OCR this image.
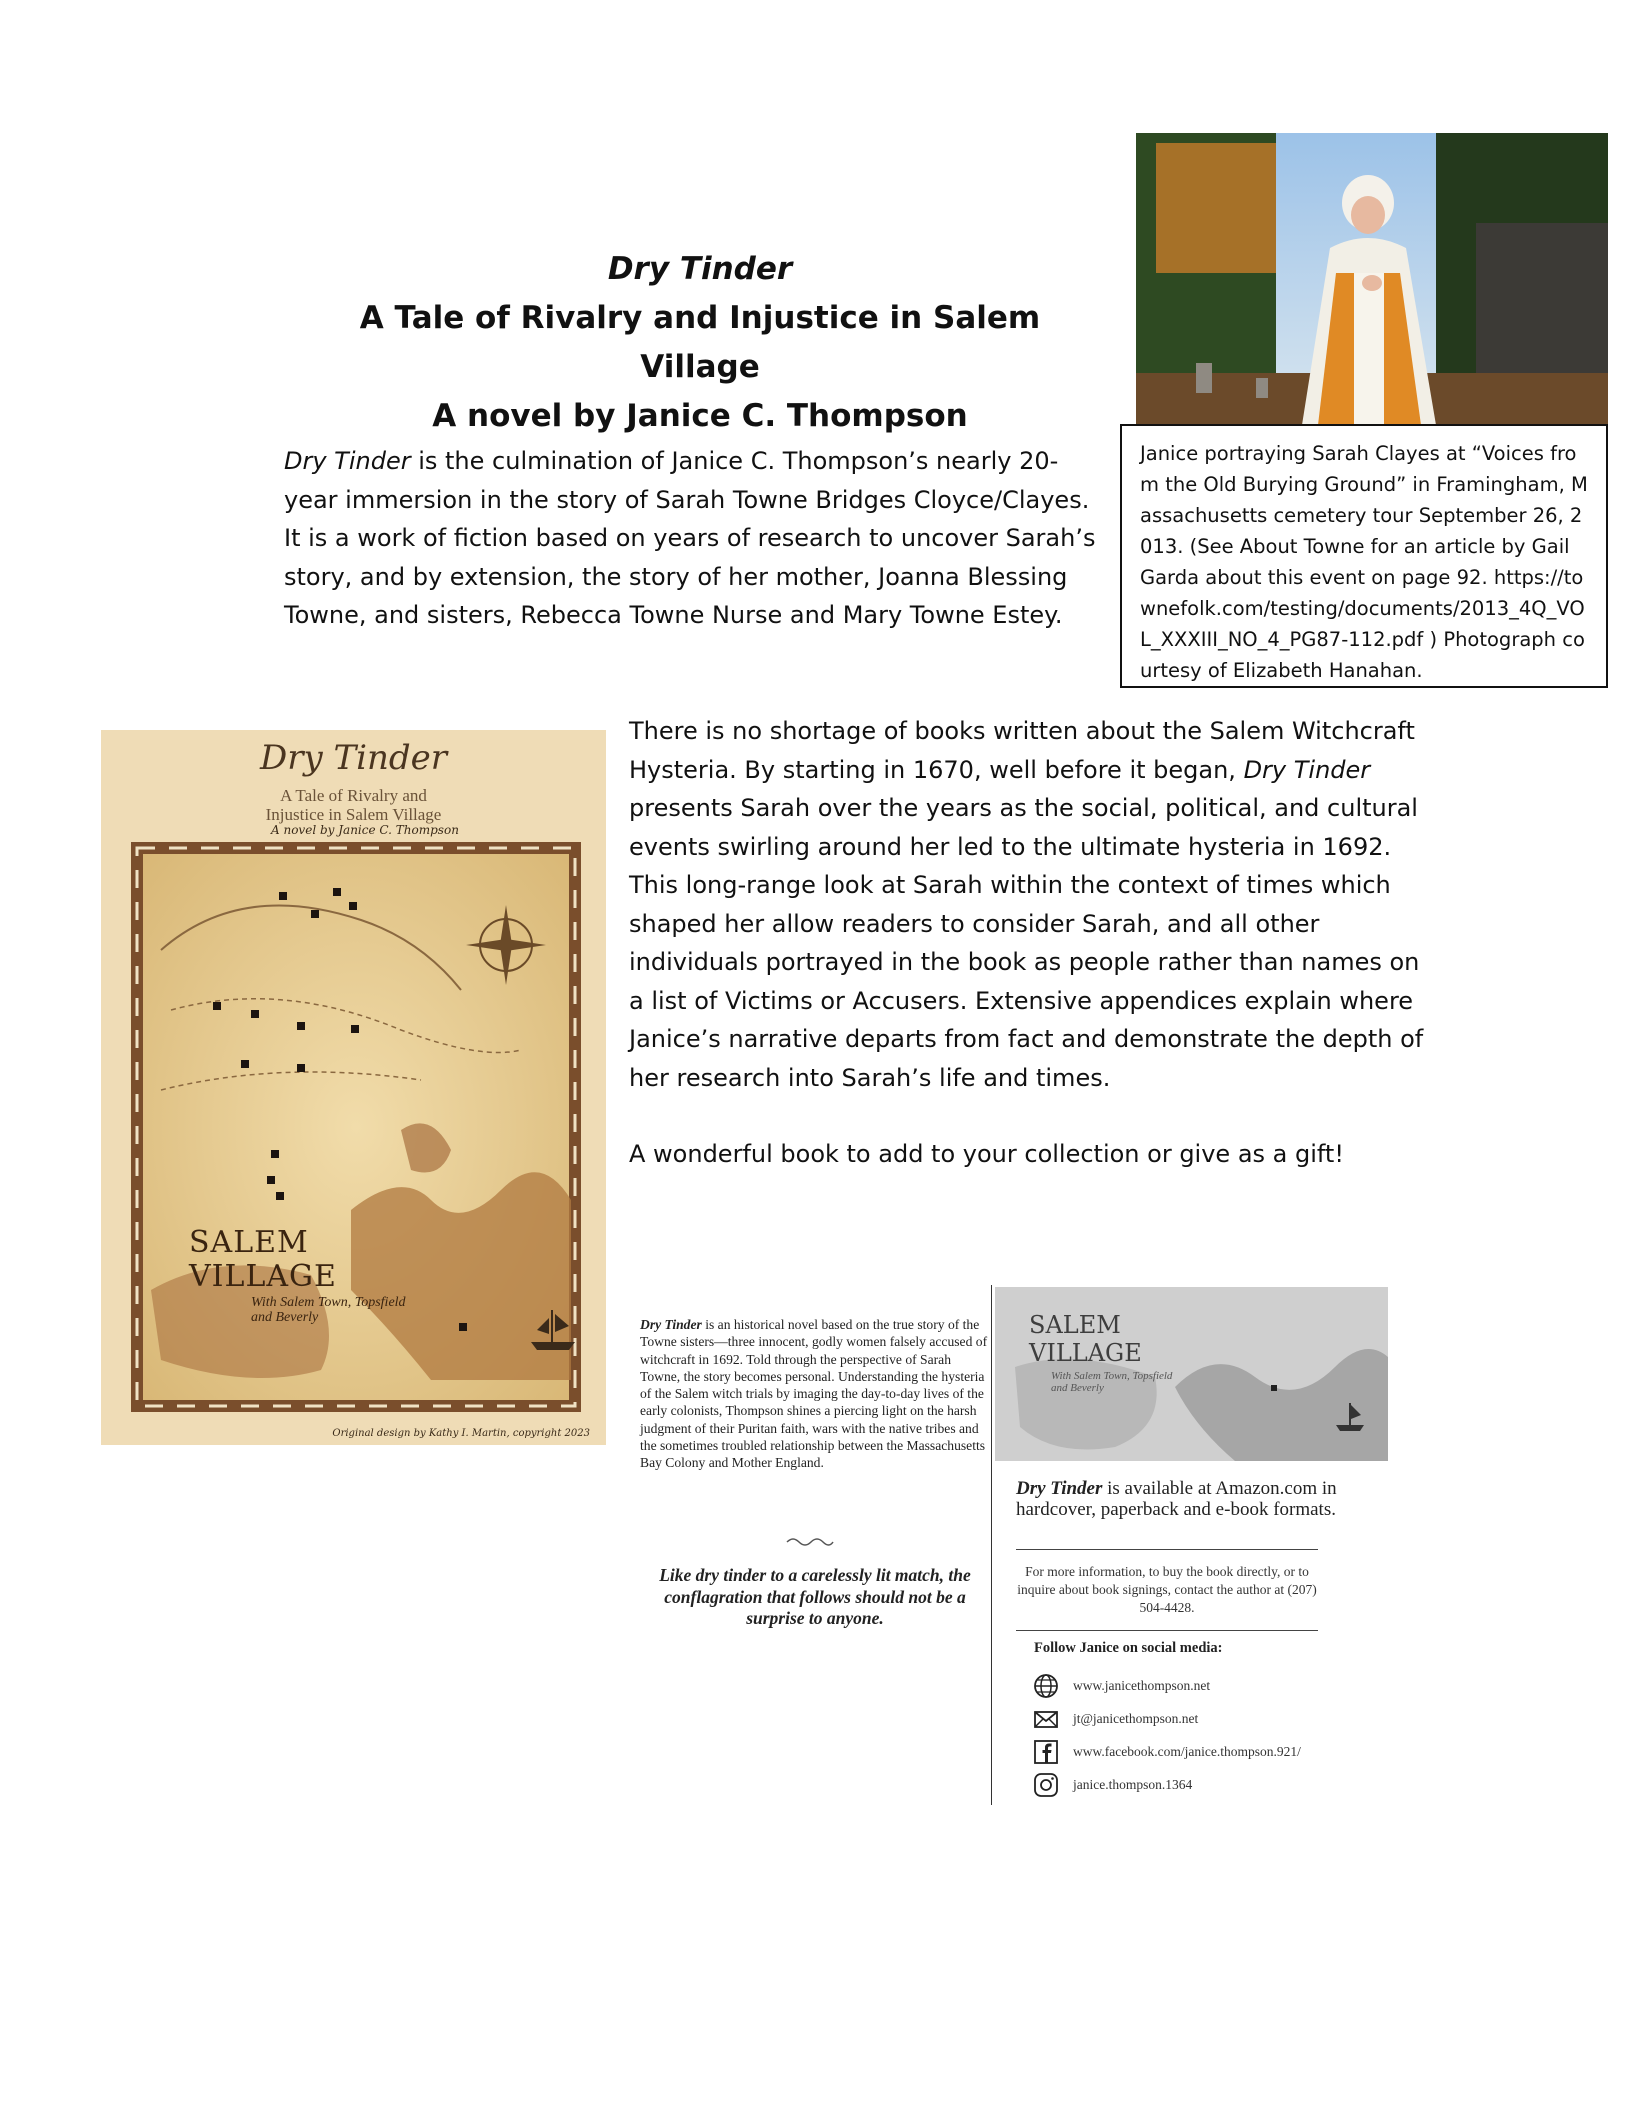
Dry Tinder
A Tale of Rivalry and Injustice in Salem Village
A novel by Janice C. Thompson
Dry Tinder is the culmination of Janice C. Thompson’s nearly 20-year immersion in the story of Sarah Towne Bridges Cloyce/Clayes. It is a work of fiction based on years of research to uncover Sarah’s story, and by extension, the story of her mother, Joanna Blessing Towne, and sisters, Rebecca Towne Nurse and Mary Towne Estey.
Janice portraying Sarah Clayes at “Voices from the Old Burying Ground” in Framingham, Massachusetts cemetery tour September 26, 2013. (See About Towne for an article by Gail Garda about this event on page 92. https://townefolk.com/testing/documents/2013_4Q_VOL_XXXIII_NO_4_PG87-112.pdf ) Photograph courtesy of Elizabeth Hanahan.
Dry Tinder
A Tale of Rivalry and
Injustice in Salem Village
A novel by Janice C. Thompson
SALEM
VILLAGE
With Salem Town, Topsfield
and Beverly
Original design by Kathy I. Martin, copyright 2023

There is no shortage of books written about the Salem Witchcraft Hysteria. By starting in 1670, well before it began, Dry Tinder presents Sarah over the years as the social, political, and cultural events swirling around her led to the ultimate hysteria in 1692. This long-range look at Sarah within the context of times which shaped her allow readers to consider Sarah, and all other individuals portrayed in the book as people rather than names on a list of Victims or Accusers. Extensive appendices explain where Janice’s narrative departs from fact and demonstrate the depth of her research into Sarah’s life and times.

A wonderful book to add to your collection or give as a gift!

Dry Tinder is an historical novel based on the true story of the Towne sisters—three innocent, godly women falsely accused of witchcraft in 1692. Told through the perspective of Sarah Towne, the story becomes personal. Understanding the hysteria of the Salem witch trials by imaging the day-to-day lives of the early colonists, Thompson shines a piercing light on the harsh judgment of their Puritan faith, wars with the native tribes and the sometimes troubled relationship between the Massachusetts Bay Colony and Mother England.
Like dry tinder to a carelessly lit match, the conflagration that follows should not be a surprise to anyone.
SALEM
VILLAGE
With Salem Town, Topsfield
and Beverly
Dry Tinder is available at Amazon.com in hardcover, paperback and e-book formats.
For more information, to buy the book directly, or to inquire about book signings, contact the author at (207) 504-4428.
Follow Janice on social media:
www.janicethompson.net
jt@janicethompson.net
www.facebook.com/janice.thompson.921/
janice.thompson.1364
